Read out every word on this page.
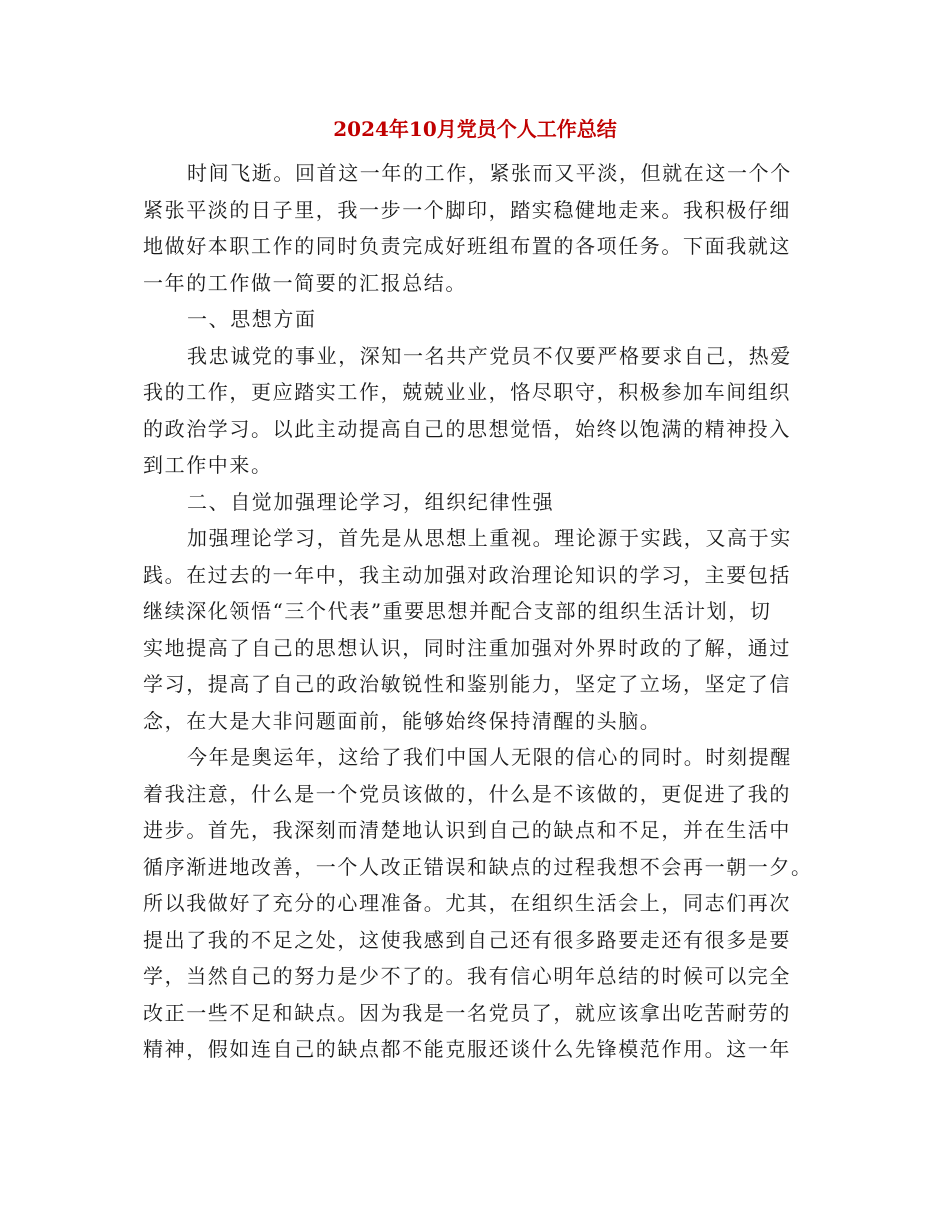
2024年10月党员个人工作总结
时间飞逝。回首这一年的工作，紧张而又平淡，但就在这一个个
紧张平淡的日子里，我一步一个脚印，踏实稳健地走来。我积极仔细
地做好本职工作的同时负责完成好班组布置的各项任务。下面我就这
一年的工作做一简要的汇报总结。
一、思想方面
我忠诚党的事业，深知一名共产党员不仅要严格要求自己，热爱
我的工作，更应踏实工作，兢兢业业，恪尽职守，积极参加车间组织
的政治学习。以此主动提高自己的思想觉悟，始终以饱满的精神投入
到工作中来。
二、自觉加强理论学习，组织纪律性强
加强理论学习，首先是从思想上重视。理论源于实践，又高于实
践。在过去的一年中，我主动加强对政治理论知识的学习，主要包括
继续深化领悟“三个代表”重要思想并配合支部的组织生活计划，切
实地提高了自己的思想认识，同时注重加强对外界时政的了解，通过
学习，提高了自己的政治敏锐性和鉴别能力，坚定了立场，坚定了信
念，在大是大非问题面前，能够始终保持清醒的头脑。
今年是奥运年，这给了我们中国人无限的信心的同时。时刻提醒
着我注意，什么是一个党员该做的，什么是不该做的，更促进了我的
进步。首先，我深刻而清楚地认识到自己的缺点和不足，并在生活中
循序渐进地改善，一个人改正错误和缺点的过程我想不会再一朝一夕。
所以我做好了充分的心理准备。尤其，在组织生活会上，同志们再次
提出了我的不足之处，这使我感到自己还有很多路要走还有很多是要
学，当然自己的努力是少不了的。我有信心明年总结的时候可以完全
改正一些不足和缺点。因为我是一名党员了，就应该拿出吃苦耐劳的
精神，假如连自己的缺点都不能克服还谈什么先锋模范作用。这一年
